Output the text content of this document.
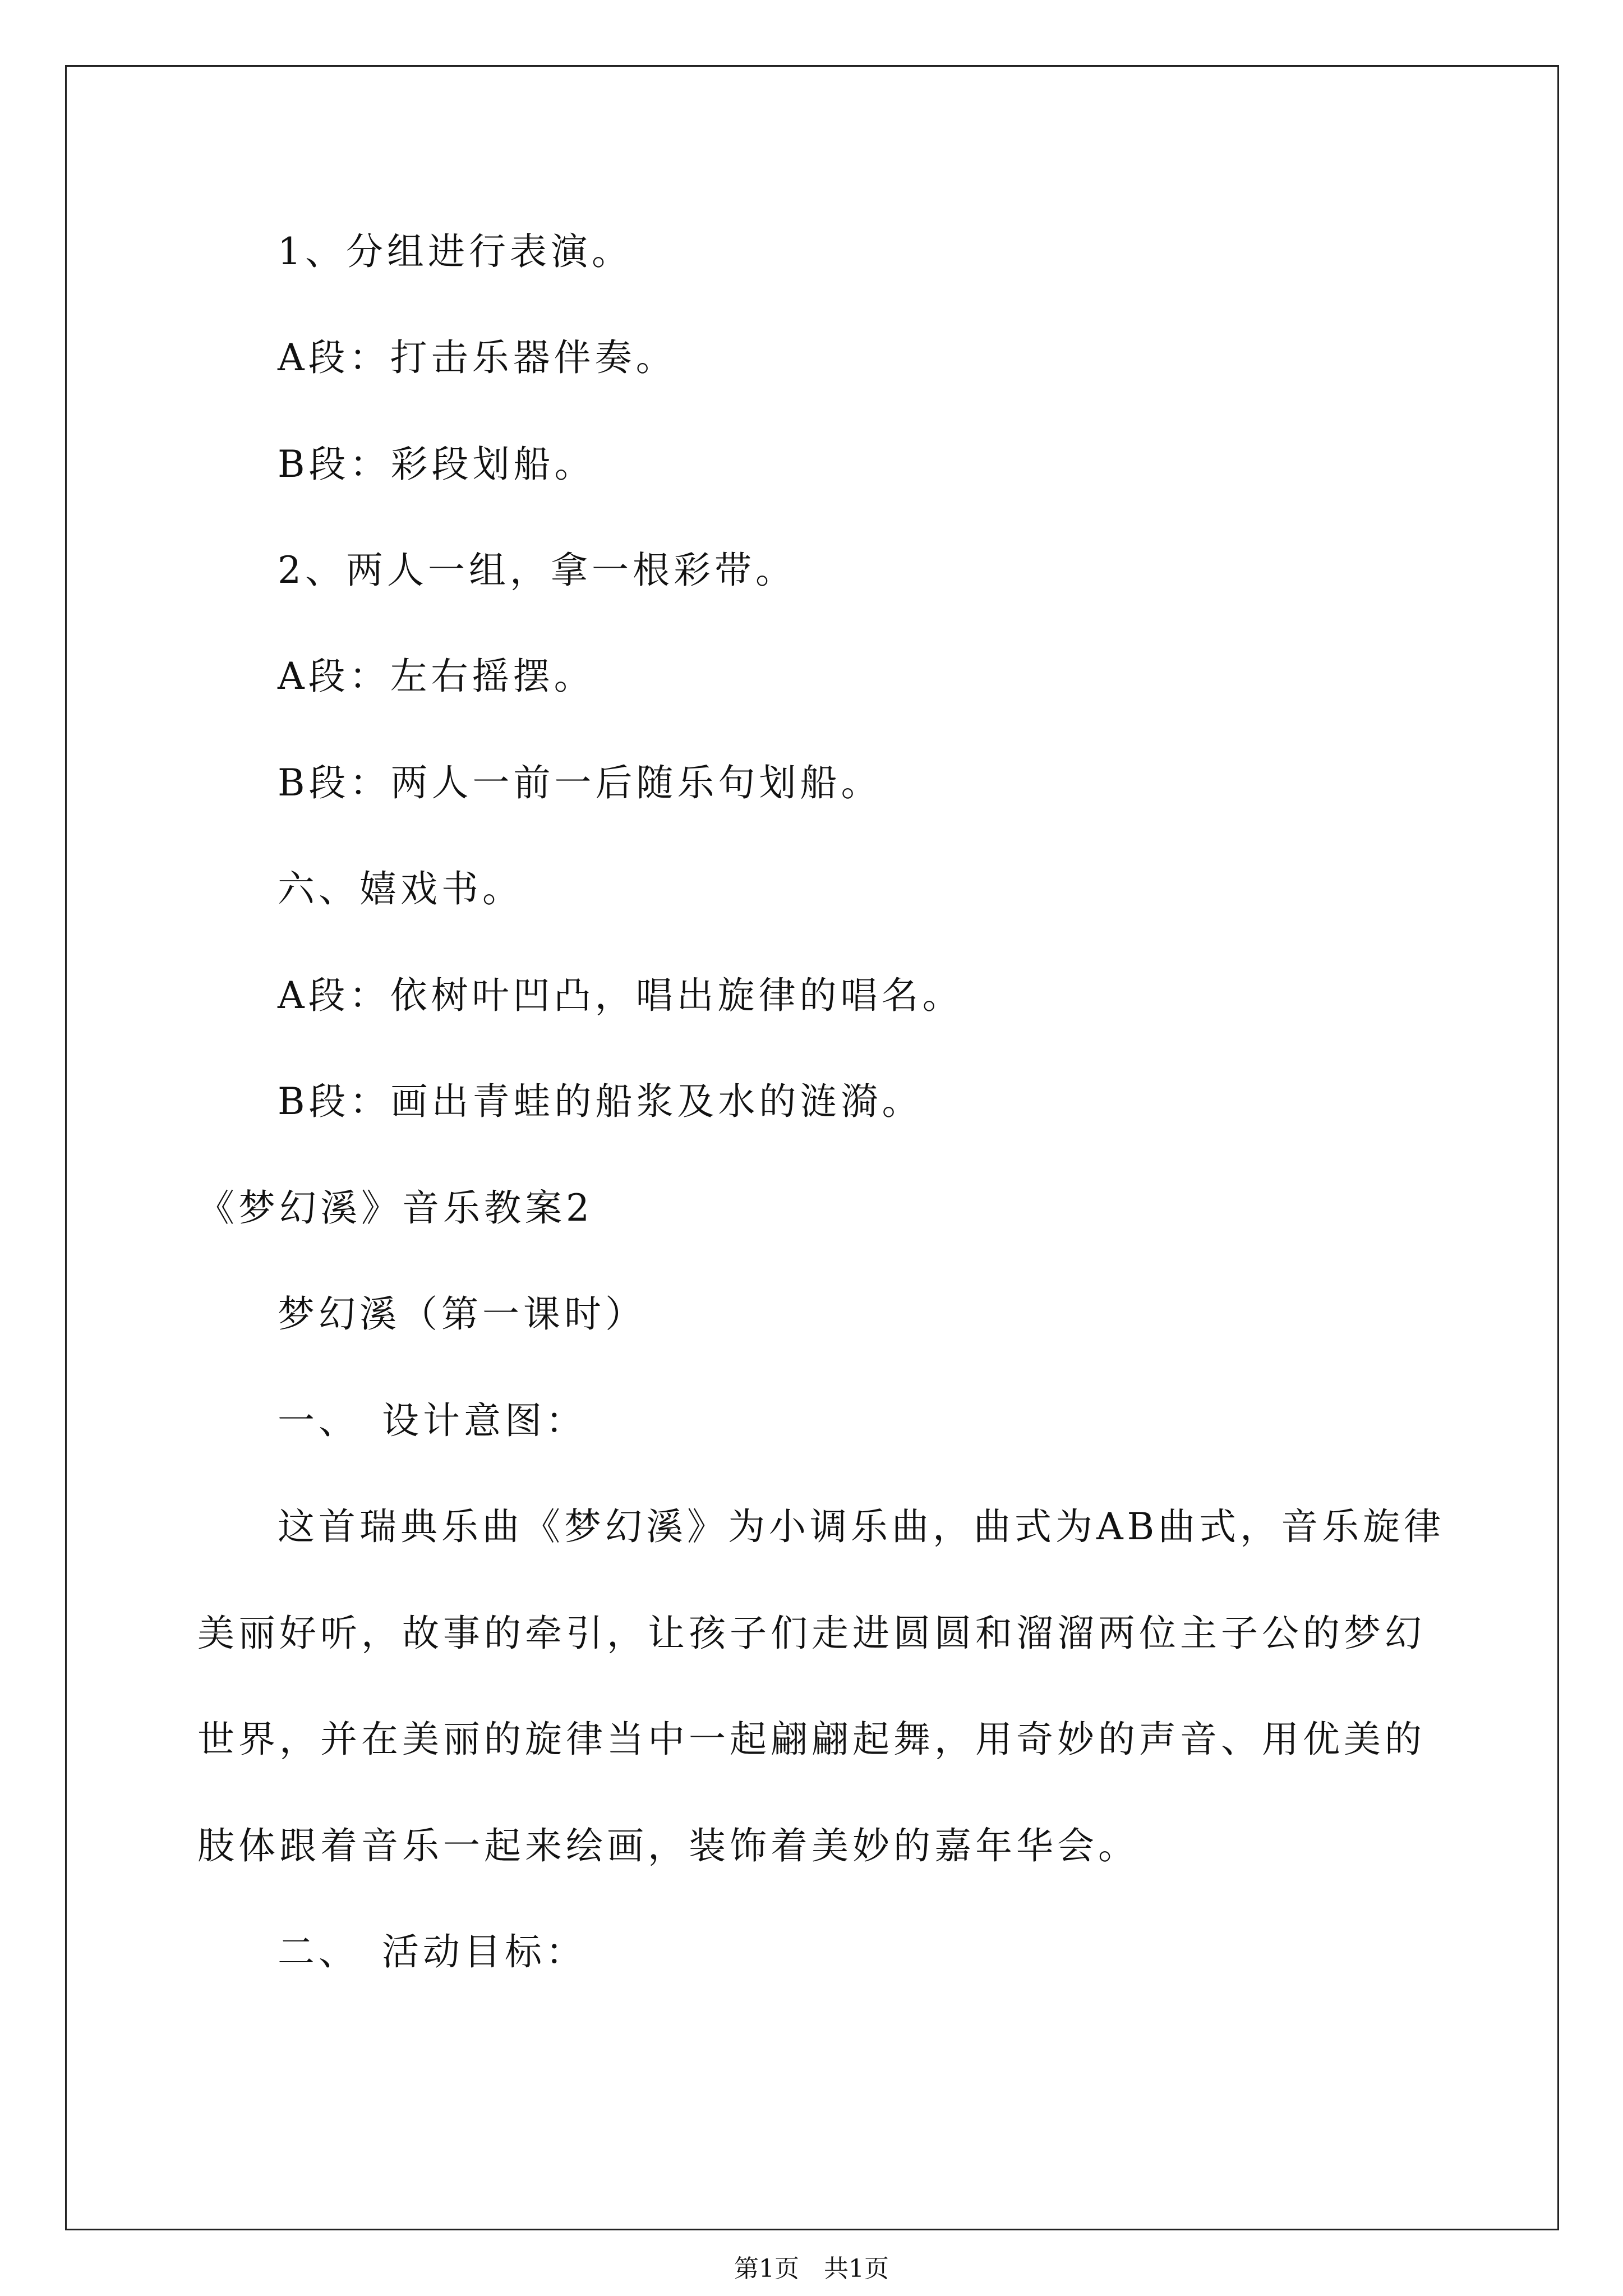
1、分组进行表演。
A段：打击乐器伴奏。
B段：彩段划船。
2、两人一组，拿一根彩带。
A段：左右摇摆。
B段：两人一前一后随乐句划船。
六、嬉戏书。
A段：依树叶凹凸，唱出旋律的唱名。
B段：画出青蛙的船浆及水的涟漪。
《梦幻溪》音乐教案2
梦幻溪（第一课时）
一、　设计意图：
这首瑞典乐曲《梦幻溪》为小调乐曲，曲式为AB曲式，音乐旋律
美丽好听，故事的牵引，让孩子们走进圆圆和溜溜两位主子公的梦幻
世界，并在美丽的旋律当中一起翩翩起舞，用奇妙的声音、用优美的
肢体跟着音乐一起来绘画，装饰着美妙的嘉年华会。
二、　活动目标：
第1页　共1页
